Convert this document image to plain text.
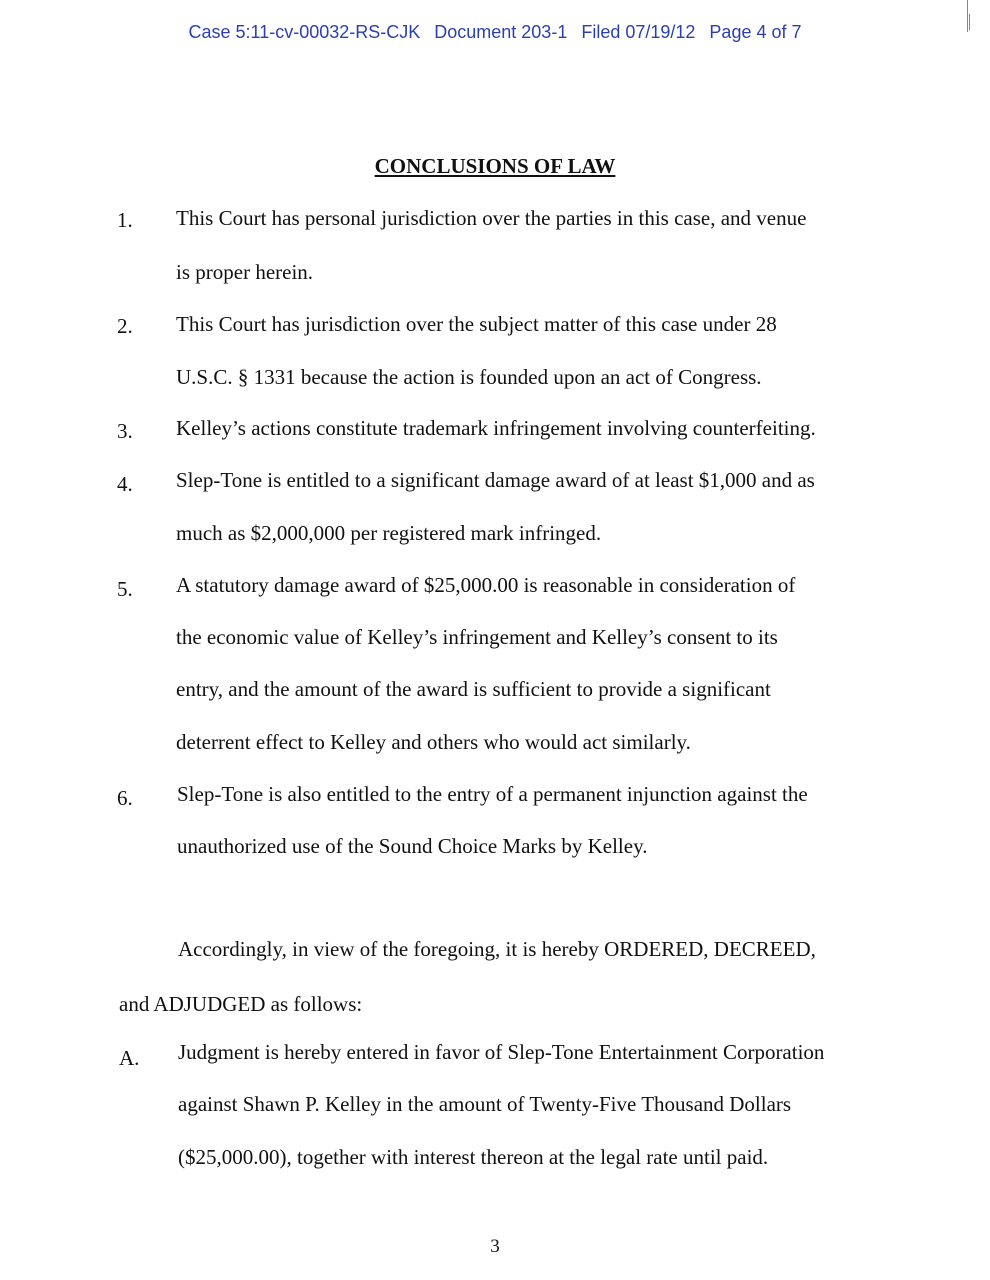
Case 5:11-cv-00032-RS-CJK Document 203-1 Filed 07/19/12 Page 4 of 7
CONCLUSIONS OF LAW
1. This Court has personal jurisdiction over the parties in this case, and venue
is proper herein.
2. This Court has jurisdiction over the subject matter of this case under 28
U.S.C. § 1331 because the action is founded upon an act of Congress.
3. Kelley’s actions constitute trademark infringement involving counterfeiting.
4. Slep-Tone is entitled to a significant damage award of at least $1,000 and as
much as $2,000,000 per registered mark infringed.
5. A statutory damage award of $25,000.00 is reasonable in consideration of
the economic value of Kelley’s infringement and Kelley’s consent to its
entry, and the amount of the award is sufficient to provide a significant
deterrent effect to Kelley and others who would act similarly.
6. Slep-Tone is also entitled to the entry of a permanent injunction against the
unauthorized use of the Sound Choice Marks by Kelley.
Accordingly, in view of the foregoing, it is hereby ORDERED, DECREED,
and ADJUDGED as follows:
A. Judgment is hereby entered in favor of Slep-Tone Entertainment Corporation
against Shawn P. Kelley in the amount of Twenty-Five Thousand Dollars
($25,000.00), together with interest thereon at the legal rate until paid.
3
